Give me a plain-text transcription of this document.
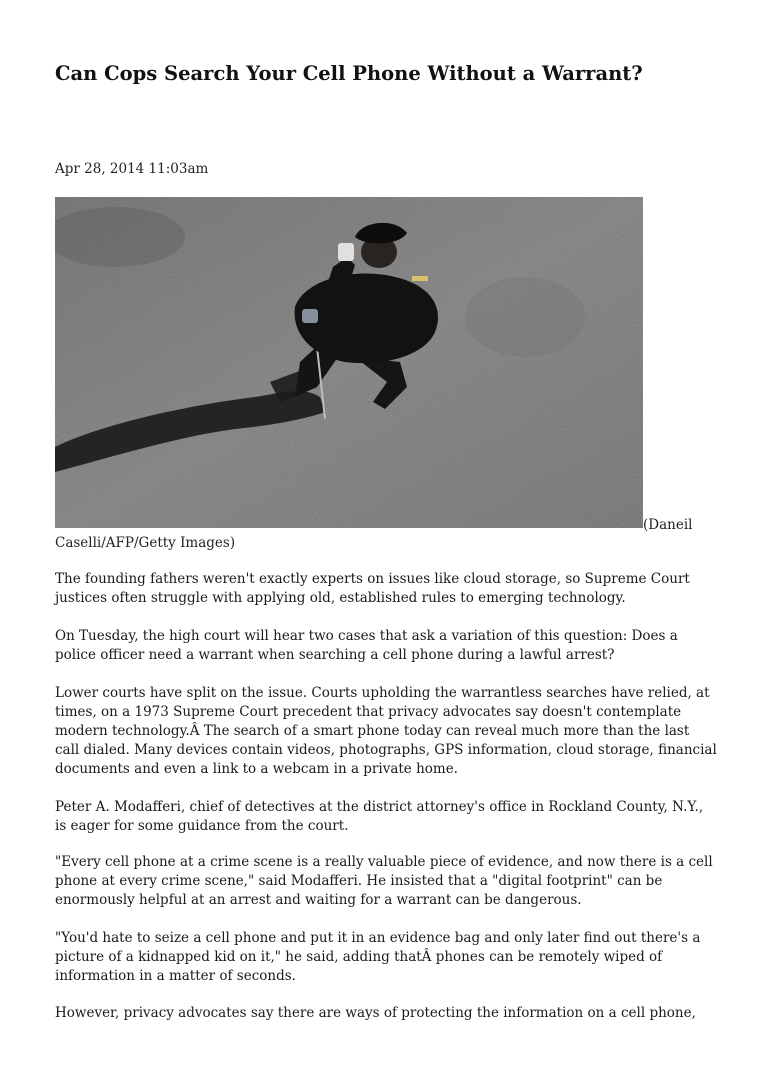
Can Cops Search Your Cell Phone Without a Warrant?
Apr 28, 2014 11:03am
(Daneil
Caselli/AFP/Getty Images)

The founding fathers weren't exactly experts on issues like cloud storage, so Supreme Court justices often struggle with applying old, established rules to emerging technology.

On Tuesday, the high court will hear two cases that ask a variation of this question: Does a police officer need a warrant when searching a cell phone during a lawful arrest?

Lower courts have split on the issue. Courts upholding the warrantless searches have relied, at times, on a 1973 Supreme Court precedent that privacy advocates say doesn't contemplate modern technology.Â The search of a smart phone today can reveal much more than the last call dialed. Many devices contain videos, photographs, GPS information, cloud storage, financial documents and even a link to a webcam in a private home.

Peter A. Modafferi, chief of detectives at the district attorney's office in Rockland County, N.Y., is eager for some guidance from the court.

"Every cell phone at a crime scene is a really valuable piece of evidence, and now there is a cell phone at every crime scene," said Modafferi. He insisted that a "digital footprint" can be enormously helpful at an arrest and waiting for a warrant can be dangerous.

"You'd hate to seize a cell phone and put it in an evidence bag and only later find out there's a picture of a kidnapped kid on it," he said, adding thatÂ phones can be remotely wiped of information in a matter of seconds.

However, privacy advocates say there are ways of protecting the information on a cell phone,
